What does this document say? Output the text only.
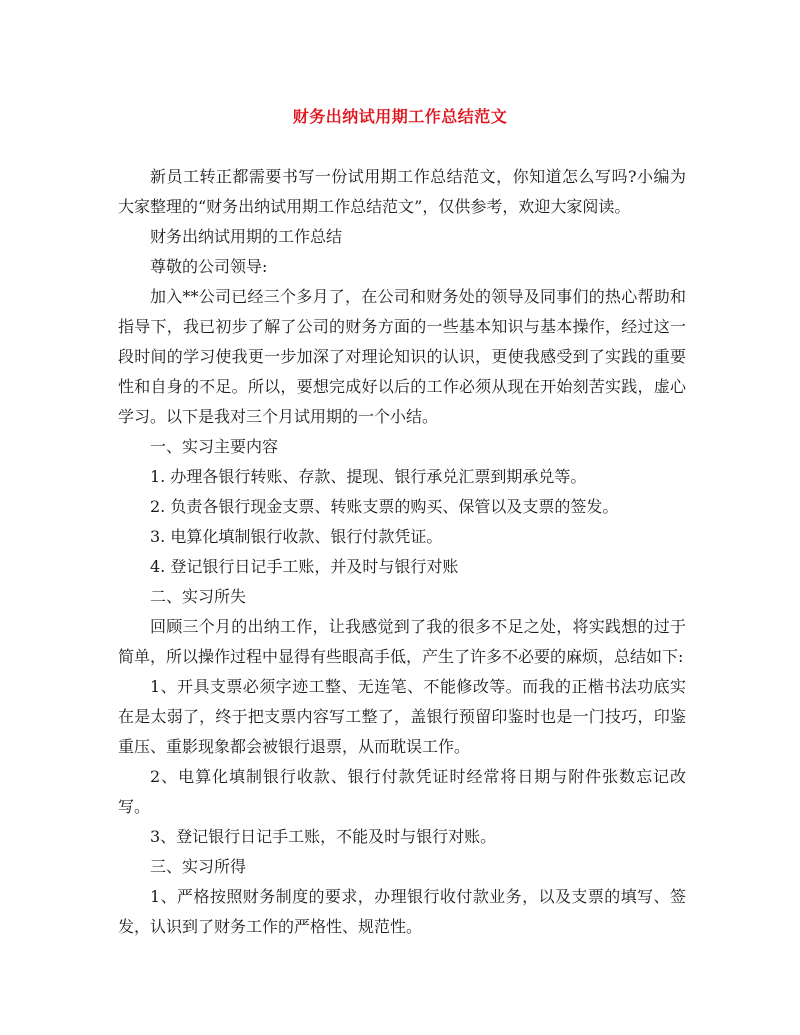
财务出纳试用期工作总结范文

新员工转正都需要书写一份试用期工作总结范文，你知道怎么写吗?小编为大家整理的“财务出纳试用期工作总结范文”，仅供参考，欢迎大家阅读。

财务出纳试用期的工作总结

尊敬的公司领导:

加入**公司已经三个多月了，在公司和财务处的领导及同事们的热心帮助和指导下，我已初步了解了公司的财务方面的一些基本知识与基本操作，经过这一段时间的学习使我更一步加深了对理论知识的认识，更使我感受到了实践的重要性和自身的不足。所以，要想完成好以后的工作必须从现在开始刻苦实践，虚心学习。以下是我对三个月试用期的一个小结。

一、实习主要内容

1. 办理各银行转账、存款、提现、银行承兑汇票到期承兑等。

2. 负责各银行现金支票、转账支票的购买、保管以及支票的签发。

3. 电算化填制银行收款、银行付款凭证。

4. 登记银行日记手工账，并及时与银行对账

二、实习所失

回顾三个月的出纳工作，让我感觉到了我的很多不足之处，将实践想的过于简单，所以操作过程中显得有些眼高手低，产生了许多不必要的麻烦，总结如下:

1、开具支票必须字迹工整、无连笔、不能修改等。而我的正楷书法功底实在是太弱了，终于把支票内容写工整了，盖银行预留印鉴时也是一门技巧，印鉴重压、重影现象都会被银行退票，从而耽误工作。

2、电算化填制银行收款、银行付款凭证时经常将日期与附件张数忘记改写。

3、登记银行日记手工账，不能及时与银行对账。

三、实习所得

1、严格按照财务制度的要求，办理银行收付款业务，以及支票的填写、签发，认识到了财务工作的严格性、规范性。
